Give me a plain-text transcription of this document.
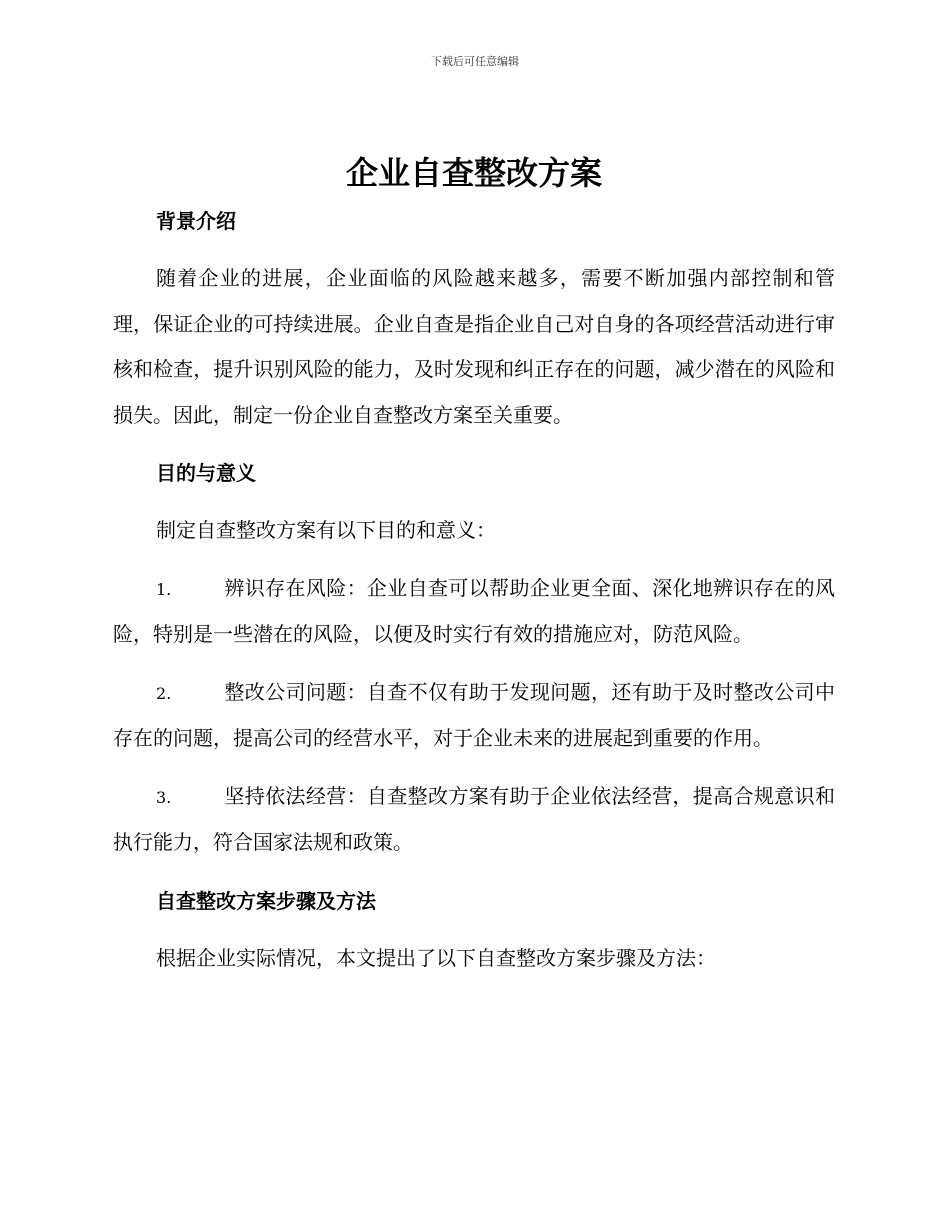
下载后可任意编辑
企业自查整改方案
背景介绍

随着企业的进展，企业面临的风险越来越多，需要不断加强内部控制和管理，保证企业的可持续进展。企业自查是指企业自己对自身的各项经营活动进行审核和检查，提升识别风险的能力，及时发现和纠正存在的问题，减少潜在的风险和损失。因此，制定一份企业自查整改方案至关重要。

目的与意义

制定自查整改方案有以下目的和意义：

1.	辨识存在风险：企业自查可以帮助企业更全面、深化地辨识存在的风险，特别是一些潜在的风险，以便及时实行有效的措施应对，防范风险。

2.	整改公司问题：自查不仅有助于发现问题，还有助于及时整改公司中存在的问题，提高公司的经营水平，对于企业未来的进展起到重要的作用。

3.	坚持依法经营：自查整改方案有助于企业依法经营，提高合规意识和执行能力，符合国家法规和政策。

自查整改方案步骤及方法

根据企业实际情况，本文提出了以下自查整改方案步骤及方法：
